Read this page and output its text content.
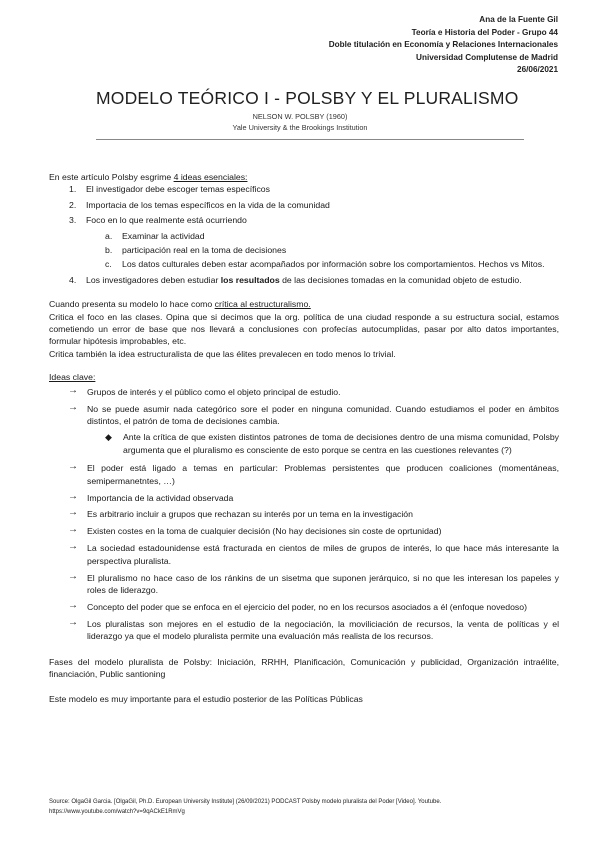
Ana de la Fuente Gil
Teoría e Historia del Poder - Grupo 44
Doble titulación en Economía y Relaciones Internacionales
Universidad Complutense de Madrid
26/06/2021
MODELO TEÓRICO I - POLSBY Y EL PLURALISMO
NELSON W. POLSBY (1960)
Yale University & the Brookings Institution

En este artículo Polsby esgrime 4 ideas esenciales:

1. El investigador debe escoger temas específicos
2. Importacia de los temas específicos en la vida de la comunidad
3. Foco en lo que realmente está ocurriendo
a. Examinar la actividad
b. participación real en la toma de decisiones
c. Los datos culturales deben estar acompañados por información sobre los comportamientos. Hechos vs Mitos.
4. Los investigadores deben estudiar los resultados de las decisiones tomadas en la comunidad objeto de estudio.

Cuando presenta su modelo lo hace como crítica al estructuralismo.

Critica el foco en las clases. Opina que si decimos que la org. política de una ciudad responde a su estructura social, estamos cometiendo un error de base que nos llevará a conclusiones con profecías autocumplidas, pasar por alto datos importantes, formular hipótesis improbables, etc.

Critica también la idea estructuralista de que las élites prevalecen en todo menos lo trivial.

Ideas clave:

→ Grupos de interés y el público como el objeto principal de estudio.
→ No se puede asumir nada categórico sore el poder en ninguna comunidad. Cuando estudiamos el poder en ámbitos distintos, el patrón de toma de decisiones cambia.
◆ Ante la crítica de que existen distintos patrones de toma de decisiones dentro de una misma comunidad, Polsby argumenta que el pluralismo es consciente de esto porque se centra en las cuestiones relevantes (?)
→ El poder está ligado a temas en particular: Problemas persistentes que producen coaliciones (momentáneas, semipermanetntes, …)
→ Importancia de la actividad observada
→ Es arbitrario incluir a grupos que rechazan su interés por un tema en la investigación
→ Existen costes en la toma de cualquier decisión (No hay decisiones sin coste de oprtunidad)
→ La sociedad estadounidense está fracturada en cientos de miles de grupos de interés, lo que hace más interesante la perspectiva pluralista.
→ El pluralismo no hace caso de los ránkins de un sisetma que suponen jerárquico, si no que les interesan los papeles y roles de liderazgo.
→ Concepto del poder que se enfoca en el ejercicio del poder, no en los recursos asociados a él (enfoque novedoso)
→ Los pluralistas son mejores en el estudio de la negociación, la moviliciación de recursos, la venta de políticas y el liderazgo ya que el modelo pluralista permite una evaluación más realista de los recursos.

Fases del modelo pluralista de Polsby: Iniciación, RRHH, Planificación, Comunicación y publicidad, Organización intraélite, financiación, Public santioning

Este modelo es muy importante para el estudio posterior de las Políticas Públicas

Source: OlgaGil Garcia. [OlgaGil, Ph.D. European University Institute] (26/09/2021) PODCAST Polsby modelo pluralista del Poder [Video]. Youtube.
https://www.youtube.com/watch?v=9qACkE1RmVg
